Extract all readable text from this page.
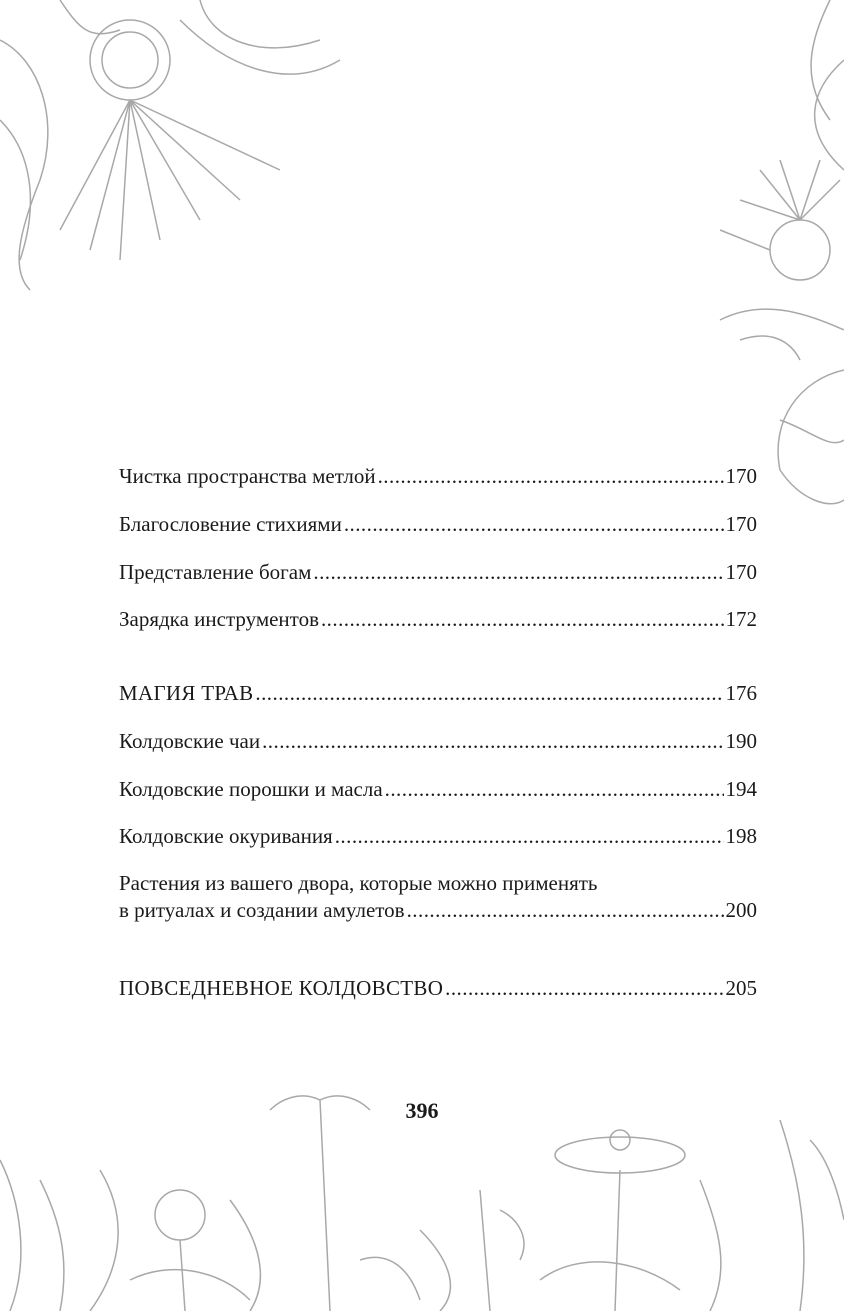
Чистка пространства метлой . . .	170
Благословение стихиями . . .	170
Представление богам . . .	170
Зарядка инструментов . . .	172
МАГИЯ ТРАВ . . .	176
Колдовские чаи . . .	190
Колдовские порошки и масла . . .	194
Колдовские окуривания . . .	198
Растения из вашего двора, которые можно применять
в ритуалах и создании амулетов . . .	200
ПОВСЕДНЕВНОЕ КОЛДОВСТВО . . .	205
396
